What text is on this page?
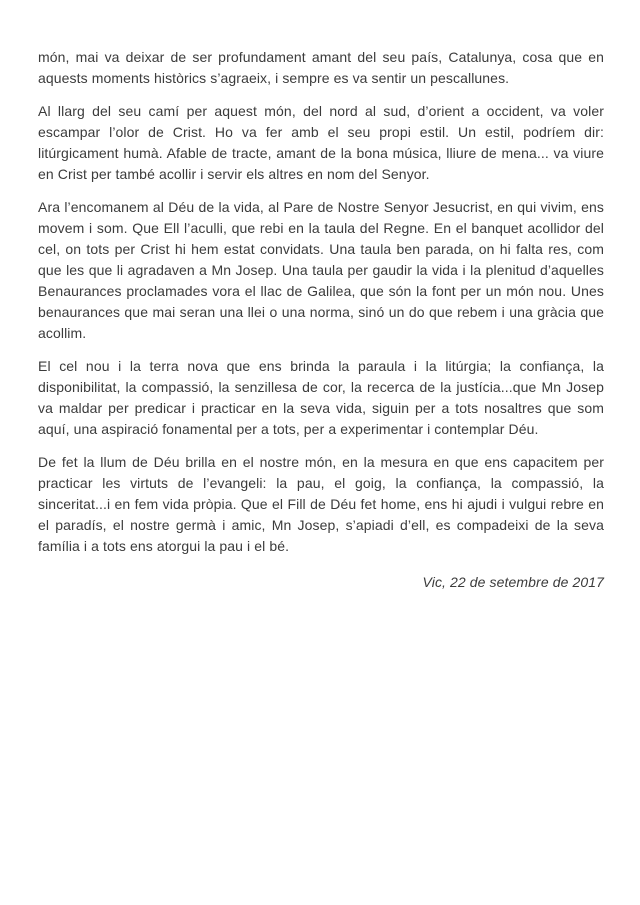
món, mai va deixar de ser profundament amant del seu país, Catalunya, cosa que en aquests moments històrics s’agraeix, i sempre es va sentir un pescallunes.

Al llarg del seu camí per aquest món, del nord al sud, d’orient a occident, va voler escampar l’olor de Crist. Ho va fer amb el seu propi estil. Un estil, podríem dir: litúrgicament humà. Afable de tracte, amant de la bona música, lliure de mena... va viure en Crist per també acollir i servir els altres en nom del Senyor.

Ara l’encomanem al Déu de la vida, al Pare de Nostre Senyor Jesucrist, en qui vivim, ens movem i som. Que Ell l’aculli, que rebi en la taula del Regne. En el banquet acollidor del cel, on tots per Crist hi hem estat convidats. Una taula ben parada, on hi falta res, com que les que li agradaven a Mn Josep. Una taula per gaudir la vida i la plenitud d’aquelles Benaurances proclamades vora el llac de Galilea, que són la font per un món nou. Unes benaurances que mai seran una llei o una norma, sinó un do que rebem i una gràcia que acollim.

El cel nou i la terra nova que ens brinda la paraula i la litúrgia; la confiança, la disponibilitat, la compassió, la senzillesa de cor, la recerca de la justícia...que Mn Josep va maldar per predicar i practicar en la seva vida, siguin per a tots nosaltres que som aquí, una aspiració fonamental per a tots, per a experimentar i contemplar Déu.

De fet la llum de Déu brilla en el nostre món, en la mesura en que ens capacitem per practicar les virtuts de l’evangeli: la pau, el goig, la confiança, la compassió, la sinceritat...i en fem vida pròpia. Que el Fill de Déu fet home, ens hi ajudi i vulgui rebre en el paradís, el nostre germà i amic, Mn Josep, s’apiadi d’ell, es compadeixi de la seva família i a tots ens atorgui la pau i el bé.

Vic, 22 de setembre de 2017
